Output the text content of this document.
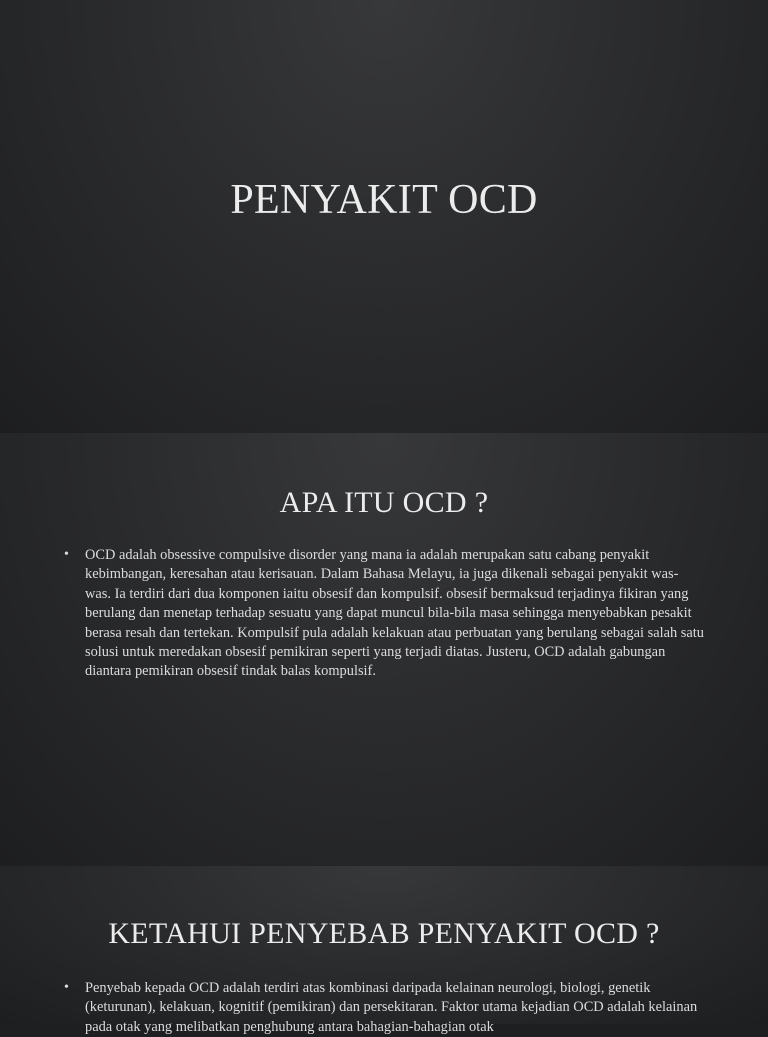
PENYAKIT OCD
APA ITU OCD ?
• OCD adalah obsessive compulsive disorder yang mana ia adalah merupakan satu cabang penyakit kebimbangan, keresahan atau kerisauan. Dalam Bahasa Melayu, ia juga dikenali sebagai penyakit was-was. Ia terdiri dari dua komponen iaitu obsesif dan kompulsif. obsesif bermaksud terjadinya fikiran yang berulang dan menetap terhadap sesuatu yang dapat muncul bila-bila masa sehingga menyebabkan pesakit berasa resah dan tertekan. Kompulsif pula adalah kelakuan atau perbuatan yang berulang sebagai salah satu solusi untuk meredakan obsesif pemikiran seperti yang terjadi diatas. Justeru, OCD adalah gabungan diantara pemikiran obsesif tindak balas kompulsif.
KETAHUI PENYEBAB PENYAKIT OCD ?
• Penyebab kepada OCD adalah terdiri atas kombinasi daripada kelainan neurologi, biologi, genetik (keturunan), kelakuan, kognitif (pemikiran) dan persekitaran. Faktor utama kejadian OCD adalah kelainan pada otak yang melibatkan penghubung antara bahagian-bahagian otak
